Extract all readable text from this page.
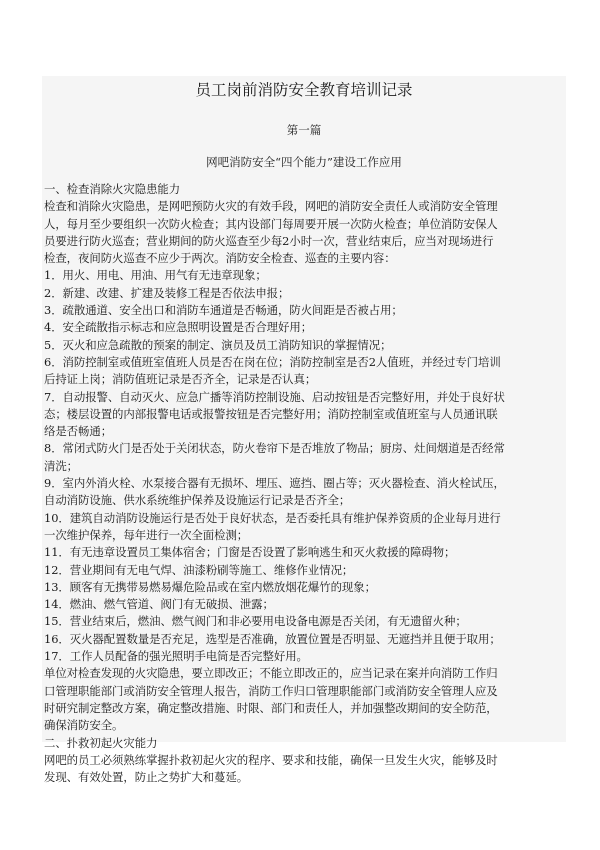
员工岗前消防安全教育培训记录
第一篇
网吧消防安全“四个能力”建设工作应用

一、检查消除火灾隐患能力

检查和消除火灾隐患，是网吧预防火灾的有效手段，网吧的消防安全责任人或消防安全管理

人，每月至少要组织一次防火检查；其内设部门每周要开展一次防火检查；单位消防安保人

员要进行防火巡查；营业期间的防火巡查至少每2小时一次，营业结束后，应当对现场进行

检查，夜间防火巡查不应少于两次。消防安全检查、巡查的主要内容：

1．用火、用电、用油、用气有无违章现象；

2．新建、改建、扩建及装修工程是否依法申报；

3．疏散通道、安全出口和消防车通道是否畅通，防火间距是否被占用；

4．安全疏散指示标志和应急照明设置是否合理好用；

5．灭火和应急疏散的预案的制定、演员及员工消防知识的掌握情况；

6．消防控制室或值班室值班人员是否在岗在位；消防控制室是否2人值班，并经过专门培训

后持证上岗；消防值班记录是否齐全，记录是否认真；

7．自动报警、自动灭火、应急广播等消防控制设施、启动按钮是否完整好用，并处于良好状

态；楼层设置的内部报警电话或报警按钮是否完整好用；消防控制室或值班室与人员通讯联

络是否畅通；

8．常闭式防火门是否处于关闭状态，防火卷帘下是否堆放了物品；厨房、灶间烟道是否经常

清洗；

9．室内外消火栓、水泵接合器有无损坏、埋压、遮挡、圈占等；灭火器检查、消火栓试压，

自动消防设施、供水系统维护保养及设施运行记录是否齐全；

10．建筑自动消防设施运行是否处于良好状态，是否委托具有维护保养资质的企业每月进行

一次维护保养，每年进行一次全面检测；

11．有无违章设置员工集体宿舍；门窗是否设置了影响逃生和灭火救援的障碍物；

12．营业期间有无电气焊、油漆粉刷等施工、维修作业情况；

13．顾客有无携带易燃易爆危险品或在室内燃放烟花爆竹的现象；

14．燃油、燃气管道、阀门有无破损、泄露；

15．营业结束后，燃油、燃气阀门和非必要用电设备电源是否关闭，有无遗留火种；

16．灭火器配置数量是否充足，选型是否准确，放置位置是否明显、无遮挡并且便于取用；

17．工作人员配备的强光照明手电筒是否完整好用。

单位对检查发现的火灾隐患，要立即改正；不能立即改正的，应当记录在案并向消防工作归

口管理职能部门或消防安全管理人报告，消防工作归口管理职能部门或消防安全管理人应及

时研究制定整改方案，确定整改措施、时限、部门和责任人，并加强整改期间的安全防范，

确保消防安全。

二、扑救初起火灾能力

网吧的员工必须熟练掌握扑救初起火灾的程序、要求和技能，确保一旦发生火灾，能够及时

发现、有效处置，防止之势扩大和蔓延。
